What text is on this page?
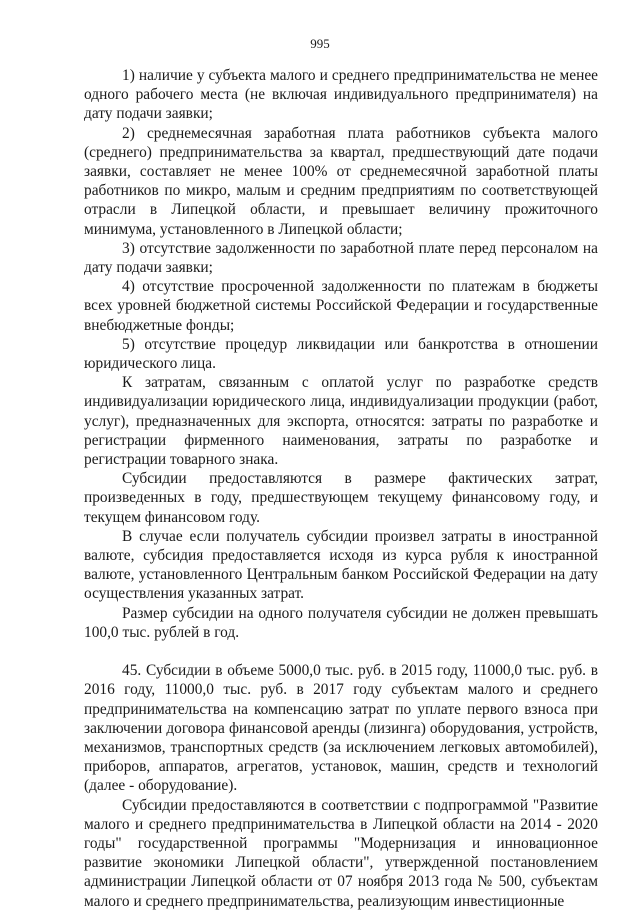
995

1) наличие у субъекта малого и среднего предпринимательства не менее одного рабочего места (не включая индивидуального предпринимателя) на дату подачи заявки;

2) среднемесячная заработная плата работников субъекта малого (среднего) предпринимательства за квартал, предшествующий дате подачи заявки, составляет не менее 100% от среднемесячной заработной платы работников по микро, малым и средним предприятиям по соответствующей отрасли в Липецкой области, и превышает величину прожиточного минимума, установленного в Липецкой области;

3) отсутствие задолженности по заработной плате перед персоналом на дату подачи заявки;

4) отсутствие просроченной задолженности по платежам в бюджеты всех уровней бюджетной системы Российской Федерации и государственные внебюджетные фонды;

5) отсутствие процедур ликвидации или банкротства в отношении юридического лица.

К затратам, связанным с оплатой услуг по разработке средств индивидуализации юридического лица, индивидуализации продукции (работ, услуг), предназначенных для экспорта, относятся: затраты по разработке и регистрации фирменного наименования, затраты по разработке и регистрации товарного знака.

Субсидии предоставляются в размере фактических затрат, произведенных в году, предшествующем текущему финансовому году, и текущем финансовом году.

В случае если получатель субсидии произвел затраты в иностранной валюте, субсидия предоставляется исходя из курса рубля к иностранной валюте, установленного Центральным банком Российской Федерации на дату осуществления указанных затрат.

Размер субсидии на одного получателя субсидии не должен превышать 100,0 тыс. рублей в год.

45. Субсидии в объеме 5000,0 тыс. руб. в 2015 году, 11000,0 тыс. руб. в 2016 году, 11000,0 тыс. руб. в 2017 году субъектам малого и среднего предпринимательства на компенсацию затрат по уплате первого взноса при заключении договора финансовой аренды (лизинга) оборудования, устройств, механизмов, транспортных средств (за исключением легковых автомобилей), приборов, аппаратов, агрегатов, установок, машин, средств и технологий (далее - оборудование).

Субсидии предоставляются в соответствии с подпрограммой "Развитие малого и среднего предпринимательства в Липецкой области на 2014 - 2020 годы" государственной программы "Модернизация и инновационное развитие экономики Липецкой области", утвержденной постановлением администрации Липецкой области от 07 ноября 2013 года № 500, субъектам малого и среднего предпринимательства, реализующим инвестиционные
